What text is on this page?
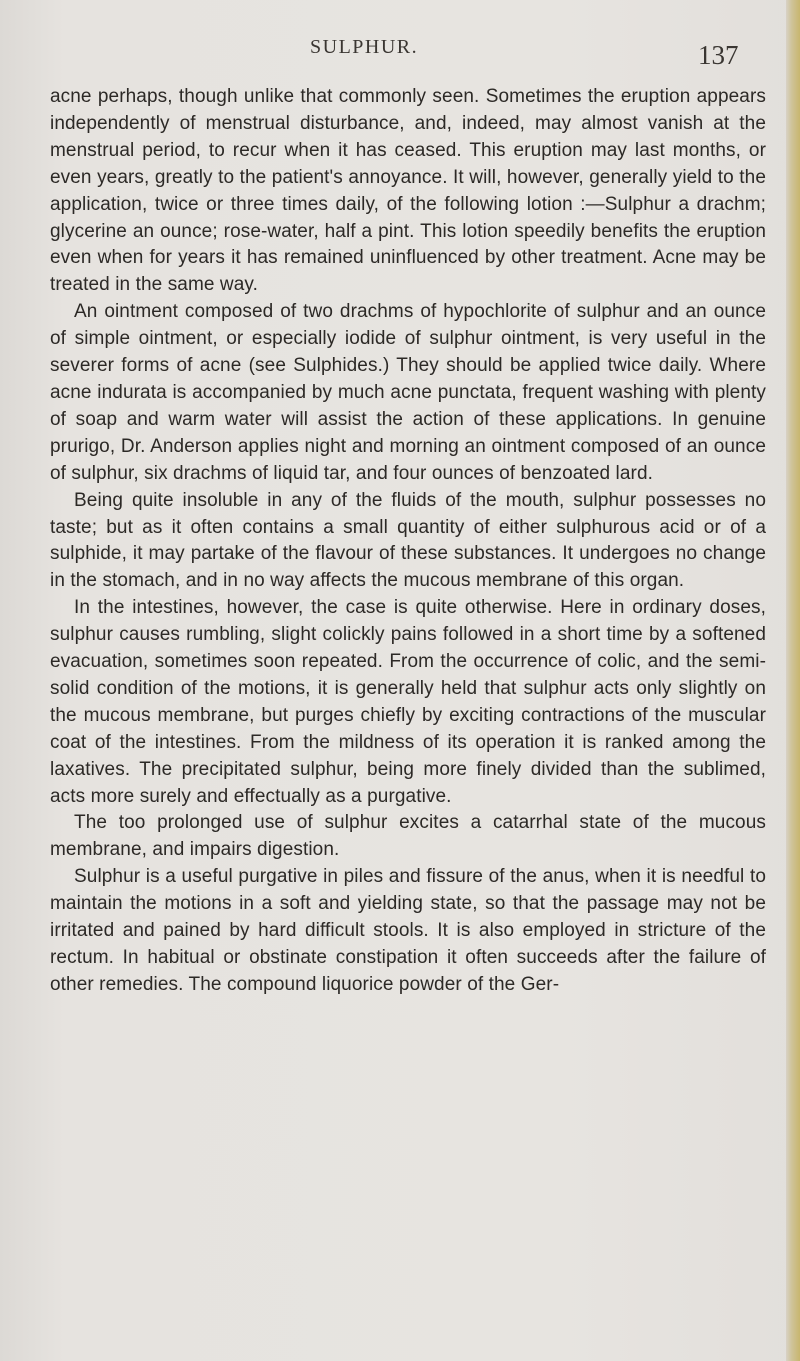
SULPHUR.	137

acne perhaps, though unlike that commonly seen. Sometimes the eruption appears independently of menstrual disturbance, and, indeed, may almost vanish at the menstrual period, to recur when it has ceased. This eruption may last months, or even years, greatly to the patient's annoyance. It will, however, generally yield to the application, twice or three times daily, of the following lotion :—Sulphur a drachm; glycerine an ounce; rose-water, half a pint. This lotion speedily benefits the eruption even when for years it has remained uninfluenced by other treatment. Acne may be treated in the same way.

An ointment composed of two drachms of hypochlorite of sulphur and an ounce of simple ointment, or especially iodide of sulphur ointment, is very useful in the severer forms of acne (see Sulphides.) They should be applied twice daily. Where acne indurata is accompanied by much acne punctata, frequent washing with plenty of soap and warm water will assist the action of these applications. In genuine prurigo, Dr. Anderson applies night and morning an ointment composed of an ounce of sulphur, six drachms of liquid tar, and four ounces of benzoated lard.

Being quite insoluble in any of the fluids of the mouth, sulphur possesses no taste; but as it often contains a small quantity of either sulphurous acid or of a sulphide, it may partake of the flavour of these substances. It undergoes no change in the stomach, and in no way affects the mucous membrane of this organ.

In the intestines, however, the case is quite otherwise. Here in ordinary doses, sulphur causes rumbling, slight colickly pains followed in a short time by a softened evacuation, sometimes soon repeated. From the occurrence of colic, and the semi-solid condition of the motions, it is generally held that sulphur acts only slightly on the mucous membrane, but purges chiefly by exciting contractions of the muscular coat of the intestines. From the mildness of its operation it is ranked among the laxatives. The precipitated sulphur, being more finely divided than the sublimed, acts more surely and effectually as a purgative.

The too prolonged use of sulphur excites a catarrhal state of the mucous membrane, and impairs digestion.

Sulphur is a useful purgative in piles and fissure of the anus, when it is needful to maintain the motions in a soft and yielding state, so that the passage may not be irritated and pained by hard difficult stools. It is also employed in stricture of the rectum. In habitual or obstinate constipation it often succeeds after the failure of other remedies. The compound liquorice powder of the Ger-
